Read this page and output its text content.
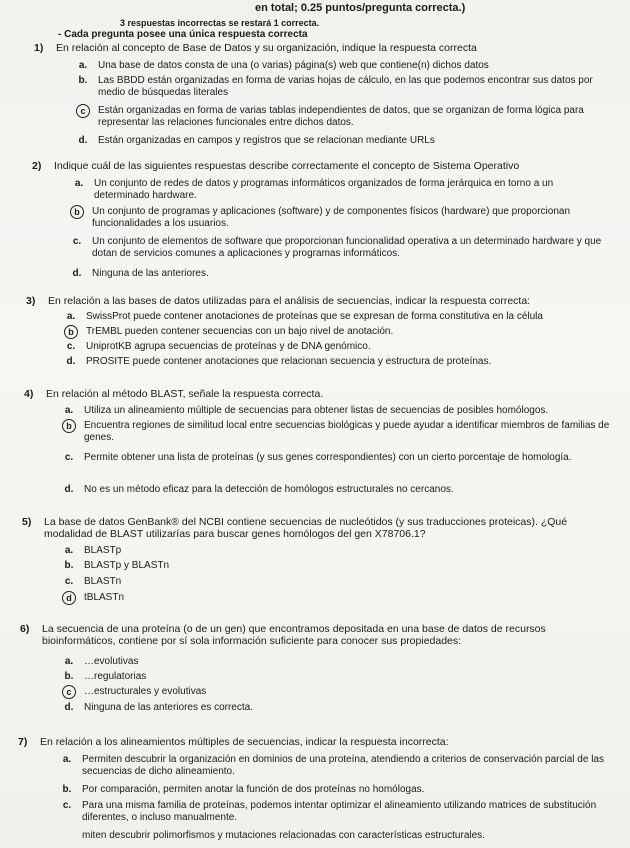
en total; 0.25 puntos/pregunta correcta.)
3 respuestas incorrectas se restará 1 correcta.
- Cada pregunta posee una única respuesta correcta
1) En relación al concepto de Base de Datos y su organización, indique la respuesta correcta
a. Una base de datos consta de una (o varias) página(s) web que contiene(n) dichos datos
b. Las BBDD están organizadas en forma de varias hojas de cálculo, en las que podemos encontrar sus datos por medio de búsquedas literales
c	Están organizadas en forma de varias tablas independientes de datos, que se organizan de forma lógica para representar las relaciones funcionales entre dichos datos.
d. Están organizadas en campos y registros que se relacionan mediante URLs
2) Indique cuál de las siguientes respuestas describe correctamente el concepto de Sistema Operativo
a. Un conjunto de redes de datos y programas informáticos organizados de forma jerárquica en torno a un determinado hardware.
b	Un conjunto de programas y aplicaciones (software) y de componentes físicos (hardware) que proporcionan funcionalidades a los usuarios.
c. Un conjunto de elementos de software que proporcionan funcionalidad operativa a un determinado hardware y que dotan de servicios comunes a aplicaciones y programas informáticos.
d. Ninguna de las anteriores.
3) En relación a las bases de datos utilizadas para el análisis de secuencias, indicar la respuesta correcta:
a. SwissProt puede contener anotaciones de proteínas que se expresan de forma constitutiva en la célula
b	TrEMBL pueden contener secuencias con un bajo nivel de anotación.
c. UniprotKB agrupa secuencias de proteínas y de DNA genómico.
d. PROSITE puede contener anotaciones que relacionan secuencia y estructura de proteínas.
4) En relación al método BLAST, señale la respuesta correcta.
a. Utiliza un alineamiento múltiple de secuencias para obtener listas de secuencias de posibles homólogos.
b	Encuentra regiones de similitud local entre secuencias biológicas y puede ayudar a identificar miembros de familias de genes.
c. Permite obtener una lista de proteínas (y sus genes correspondientes) con un cierto porcentaje de homología.
d. No es un método eficaz para la detección de homólogos estructurales no cercanos.
5) La base de datos GenBank® del NCBI contiene secuencias de nucleótidos (y sus traducciones proteicas). ¿Qué modalidad de BLAST utilizarías para buscar genes homólogos del gen X78706.1?
a. BLASTp
b. BLASTp y BLASTn
c. BLASTn
d	tBLASTn
6) La secuencia de una proteína (o de un gen) que encontramos depositada en una base de datos de recursos bioinformáticos, contiene por sí sola información suficiente para conocer sus propiedades:
a. …evolutivas
b. …regulatorias
c	…estructurales y evolutivas
d. Ninguna de las anteriores es correcta.
7) En relación a los alineamientos múltiples de secuencias, indicar la respuesta incorrecta:
a. Permiten descubrir la organización en dominios de una proteína, atendiendo a criterios de conservación parcial de las secuencias de dicho alineamiento.
b. Por comparación, permiten anotar la función de dos proteínas no homólogas.
c. Para una misma familia de proteínas, podemos intentar optimizar el alineamiento utilizando matrices de substitución diferentes, o incluso manualmente.
miten descubrir polimorfismos y mutaciones relacionadas con características estructurales.
